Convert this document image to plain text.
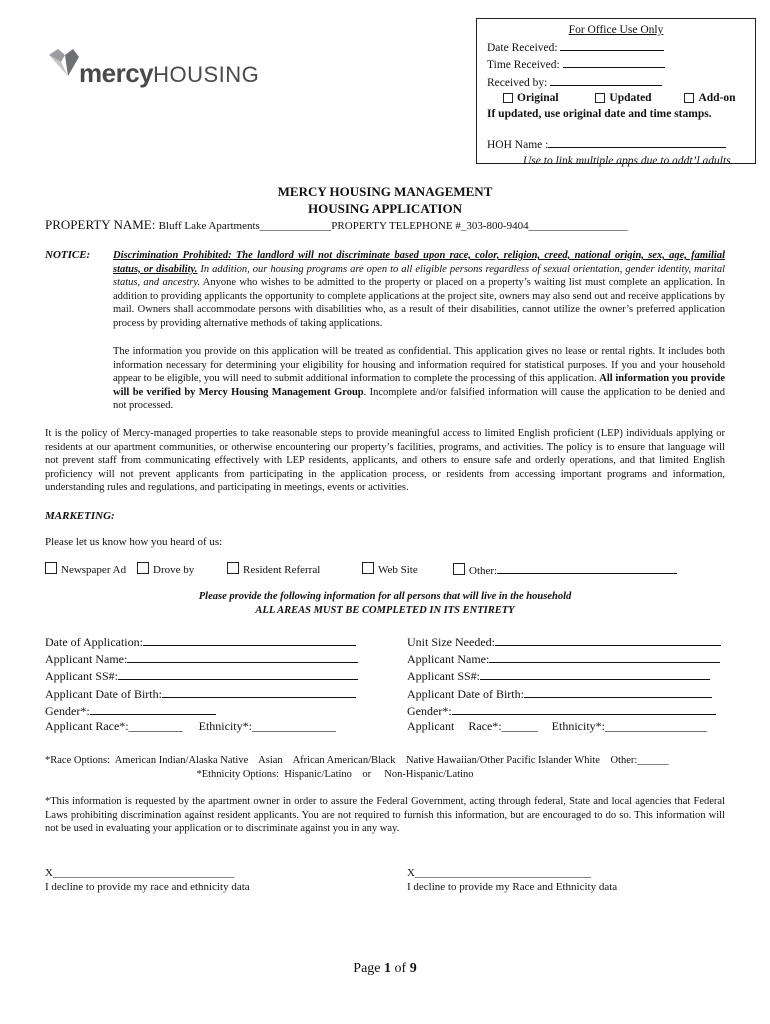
mercyHOUSING
For Office Use Only
Date Received:
Time Received:
Received by:
Original	Updated	Add-on
If updated, use original date and time stamps.
HOH Name :
Use to link multiple apps due to addt’l adults
MERCY HOUSING MANAGEMENT
HOUSING APPLICATION
PROPERTY NAME: Bluff Lake Apartments_____________PROPERTY TELEPHONE #_303-800-9404__________________
NOTICE: Discrimination Prohibited: The landlord will not discriminate based upon race, color, religion, creed, national origin, sex, age, familial status, or disability. In addition, our housing programs are open to all eligible persons regardless of sexual orientation, gender identity, marital status, and ancestry. Anyone who wishes to be admitted to the property or placed on a property’s waiting list must complete an application. In addition to providing applicants the opportunity to complete applications at the project site, owners may also send out and receive applications by mail. Owners shall accommodate persons with disabilities who, as a result of their disabilities, cannot utilize the owner’s preferred application process by providing alternative methods of taking applications.
The information you provide on this application will be treated as confidential. This application gives no lease or rental rights. It includes both information necessary for determining your eligibility for housing and information required for statistical purposes. If you and your household appear to be eligible, you will need to submit additional information to complete the processing of this application. All information you provide will be verified by Mercy Housing Management Group. Incomplete and/or falsified information will cause the application to be denied and not processed.
It is the policy of Mercy-managed properties to take reasonable steps to provide meaningful access to limited English proficient (LEP) individuals applying or residents at our apartment communities, or otherwise encountering our property’s facilities, programs, and activities. The policy is to ensure that language will not prevent staff from communicating effectively with LEP residents, applicants, and others to ensure safe and orderly operations, and that limited English proficiency will not prevent applicants from participating in the application process, or residents from accessing important programs and information, understanding rules and regulations, and participating in meetings, events or activities.
MARKETING:
Please let us know how you heard of us:
Newspaper Ad	Drove by	Resident Referral	Web Site	Other:
Please provide the following information for all persons that will live in the household
ALL AREAS MUST BE COMPLETED IN ITS ENTIRETY
Date of Application:
Applicant Name:
Applicant SS#:
Applicant Date of Birth:
Gender*:
Applicant Race*:_________ Ethnicity*:______________
Unit Size Needed:
Applicant Name:
Applicant SS#:
Applicant Date of Birth:
Gender*:
Applicant Race*:______ Ethnicity*:_________________
*Race Options:  American Indian/Alaska Native    Asian    African American/Black    Native Hawaiian/Other Pacific Islander White    Other:______
*Ethnicity Options:  Hispanic/Latino    or     Non-Hispanic/Latino
*This information is requested by the apartment owner in order to assure the Federal Government, acting through federal, State and local agencies that Federal Laws prohibiting discrimination against resident applicants. You are not required to furnish this information, but are encouraged to do so. This information will not be used in evaluating your application or to discriminate against you in any way.
X_________________________________
I decline to provide my race and ethnicity data
X________________________________
I decline to provide my Race and Ethnicity data
Page 1 of 9
